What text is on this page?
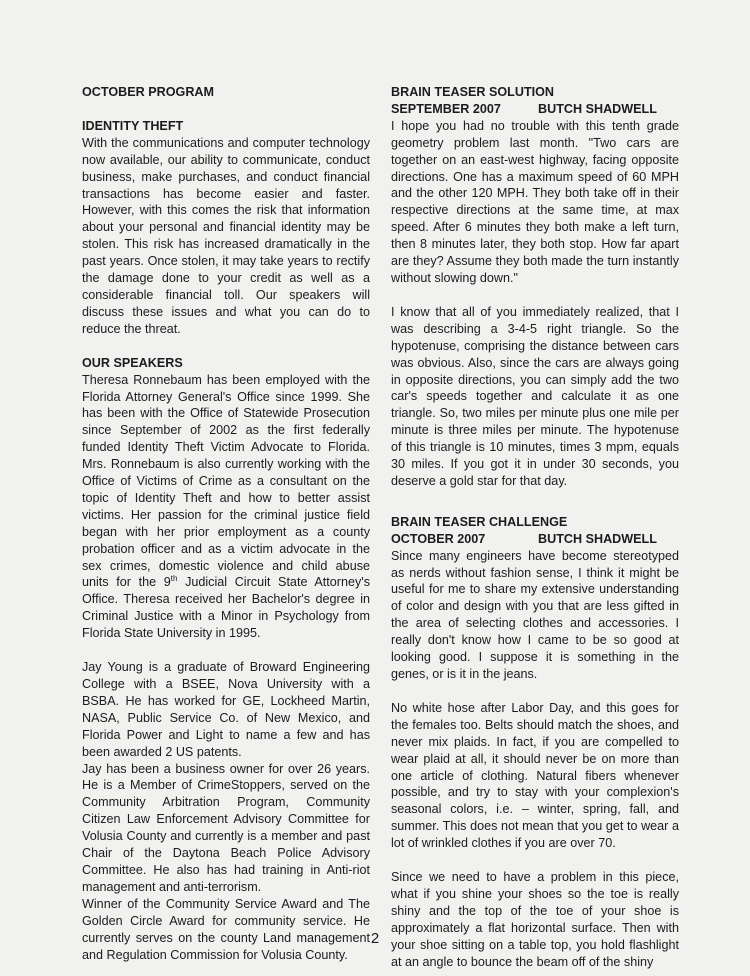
OCTOBER PROGRAM

IDENTITY THEFT

With the communications and computer technology now available, our ability to communicate, conduct business, make purchases, and conduct financial transactions has become easier and faster. However, with this comes the risk that information about your personal and financial identity may be stolen. This risk has increased dramatically in the past years. Once stolen, it may take years to rectify the damage done to your credit as well as a considerable financial toll. Our speakers will discuss these issues and what you can do to reduce the threat.

OUR SPEAKERS

Theresa Ronnebaum has been employed with the Florida Attorney General's Office since 1999. She has been with the Office of Statewide Prosecution since September of 2002 as the first federally funded Identity Theft Victim Advocate to Florida. Mrs. Ronnebaum is also currently working with the Office of Victims of Crime as a consultant on the topic of Identity Theft and how to better assist victims. Her passion for the criminal justice field began with her prior employment as a county probation officer and as a victim advocate in the sex crimes, domestic violence and child abuse units for the 9th Judicial Circuit State Attorney's Office. Theresa received her Bachelor's degree in Criminal Justice with a Minor in Psychology from Florida State University in 1995.

Jay Young is a graduate of Broward Engineering College with a BSEE, Nova University with a BSBA. He has worked for GE, Lockheed Martin, NASA, Public Service Co. of New Mexico, and Florida Power and Light to name a few and has been awarded 2 US patents.

Jay has been a business owner for over 26 years. He is a Member of CrimeStoppers, served on the Community Arbitration Program, Community Citizen Law Enforcement Advisory Committee for Volusia County and currently is a member and past Chair of the Daytona Beach Police Advisory Committee. He also has had training in Anti-riot management and anti-terrorism.

Winner of the Community Service Award and The Golden Circle Award for community service. He currently serves on the county Land management and Regulation Commission for Volusia County.

BRAIN TEASER SOLUTION

SEPTEMBER 2007	BUTCH SHADWELL

I hope you had no trouble with this tenth grade geometry problem last month. "Two cars are together on an east-west highway, facing opposite directions. One has a maximum speed of 60 MPH and the other 120 MPH. They both take off in their respective directions at the same time, at max speed. After 6 minutes they both make a left turn, then 8 minutes later, they both stop. How far apart are they? Assume they both made the turn instantly without slowing down."

I know that all of you immediately realized, that I was describing a 3-4-5 right triangle. So the hypotenuse, comprising the distance between cars was obvious. Also, since the cars are always going in opposite directions, you can simply add the two car's speeds together and calculate it as one triangle. So, two miles per minute plus one mile per minute is three miles per minute. The hypotenuse of this triangle is 10 minutes, times 3 mpm, equals 30 miles. If you got it in under 30 seconds, you deserve a gold star for that day.

BRAIN TEASER CHALLENGE

OCTOBER 2007	BUTCH SHADWELL

Since many engineers have become stereotyped as nerds without fashion sense, I think it might be useful for me to share my extensive understanding of color and design with you that are less gifted in the area of selecting clothes and accessories. I really don't know how I came to be so good at looking good. I suppose it is something in the genes, or is it in the jeans.

No white hose after Labor Day, and this goes for the females too. Belts should match the shoes, and never mix plaids. In fact, if you are compelled to wear plaid at all, it should never be on more than one article of clothing. Natural fibers whenever possible, and try to stay with your complexion's seasonal colors, i.e. – winter, spring, fall, and summer. This does not mean that you get to wear a lot of wrinkled clothes if you are over 70.

Since we need to have a problem in this piece, what if you shine your shoes so the toe is really shiny and the top of the toe of your shoe is approximately a flat horizontal surface. Then with your shoe sitting on a table top, you hold flashlight at an angle to bounce the beam off of the shiny

2
